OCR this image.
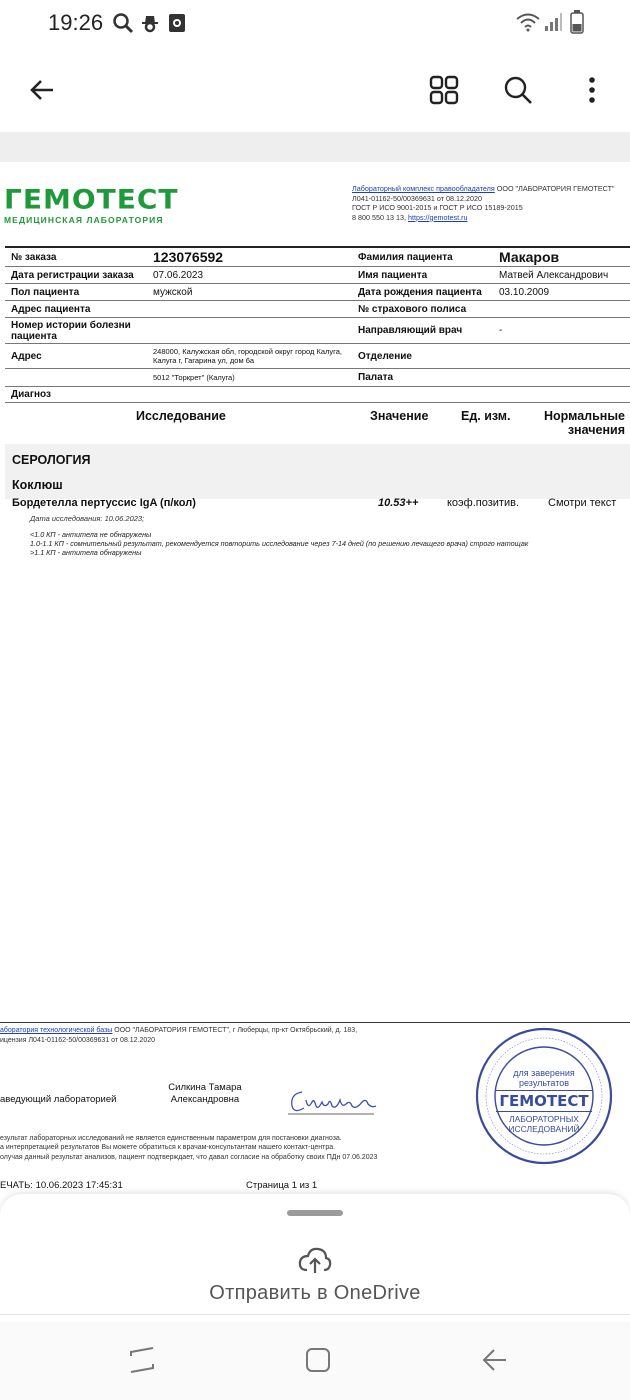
19:26
ГЕМОТЕСТ
МЕДИЦИНСКАЯ ЛАБОРАТОРИЯ
Лабораторный комплекс правообладателя ООО "ЛАБОРАТОРИЯ ГЕМОТЕСТ"
Л041-01162-50/00369631 от 08.12.2020
ГОСТ Р ИСО 9001-2015 и ГОСТ Р ИСО 15189-2015
8 800 550 13 13, https://gemotest.ru
№ заказа	123076592	Фамилия пациента	Макаров
Дата регистрации заказа	07.06.2023	Имя пациента	Матвей Александрович
Пол пациента	мужской	Дата рождения пациента	03.10.2009
Адрес пациента		№ страхового полиса	
Номер истории болезни пациента		Направляющий врач	-
Адрес	248000, Калужская обл, городской округ город Калуга, Калуга г, Гагарина ул, дом 6а	Отделение	
	5012 "Торкрет" (Калуга)	Палата	
Диагноз			
Исследование	Значение	Ед. изм.	Нормальные
значения
СЕРОЛОГИЯ
Коклюш
Бордетелла пертуссис IgA (п/кол)	10.53++	коэф.позитив.	Смотри текст
Дата исследования: 10.06.2023;
<1.0 КП - антитела не обнаружены
1.0-1.1 КП - сомнительный результат, рекомендуется повторить исследование через 7-14 дней (по решению лечащего врача) строго натощак
>1.1 КП - антитела обнаружены
аборатория технологической базы ООО "ЛАБОРАТОРИЯ ГЕМОТЕСТ", г Люберцы, пр-кт Октябрьский, д. 183,
ицензия Л041-01162-50/00369631 от 08.12.2020
аведующий лабораторией
Силкина Тамара
Александровна
езультат лабораторных исследований не является единственным параметром для постановки диагноза.
а интерпретацией результатов Вы можете обратиться к врачам-консультантам нашего контакт-центра.
олучая данный результат анализов, пациент подтверждает, что давал согласие на обработку своих ПДн 07.06.2023
ЕЧАТЬ: 10.06.2023 17:45:31	Страница 1 из 1
для заверения
результатов
ГЕМОТЕСТ
ЛАБОРАТОРНЫХ
ИССЛЕДОВАНИЙ
Отправить в OneDrive
